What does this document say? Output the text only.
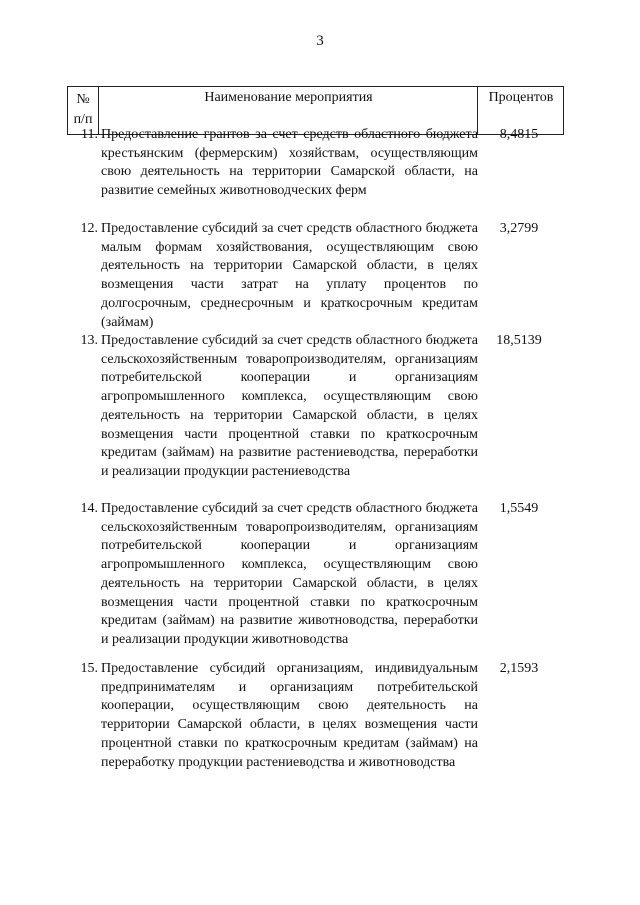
3
№
п/п
Наименование мероприятия	Процентов
11. Предоставление грантов за счет средств областного бюджета крестьянским (фермерским) хозяйствам, осуществляющим свою деятельность на территории Самарской области, на развитие семейных животноводческих ферм
8,4815
12. Предоставление субсидий за счет средств областного бюджета малым формам хозяйствования, осуществляющим свою деятельность на территории Самарской области, в целях возмещения части затрат на уплату процентов по долгосрочным, среднесрочным и краткосрочным кредитам (займам)
3,2799
13. Предоставление субсидий за счет средств областного бюджета сельскохозяйственным товаропроизводителям, организациям потребительской кооперации и организациям агропромышленного комплекса, осуществляющим свою деятельность на территории Самарской области, в целях возмещения части процентной ставки по краткосрочным кредитам (займам) на развитие растениеводства, переработки и реализации продукции растениеводства
18,5139
14. Предоставление субсидий за счет средств областного бюджета сельскохозяйственным товаропроизводителям, организациям потребительской кооперации и организациям агропромышленного комплекса, осуществляющим свою деятельность на территории Самарской области, в целях возмещения части процентной ставки по краткосрочным кредитам (займам) на развитие животноводства, переработки и реализации продукции животноводства
1,5549
15. Предоставление субсидий организациям, индивидуальным предпринимателям и организациям потребительской кооперации, осуществляющим свою деятельность на территории Самарской области, в целях возмещения части процентной ставки по краткосрочным кредитам (займам) на переработку продукции растениеводства и животноводства
2,1593
